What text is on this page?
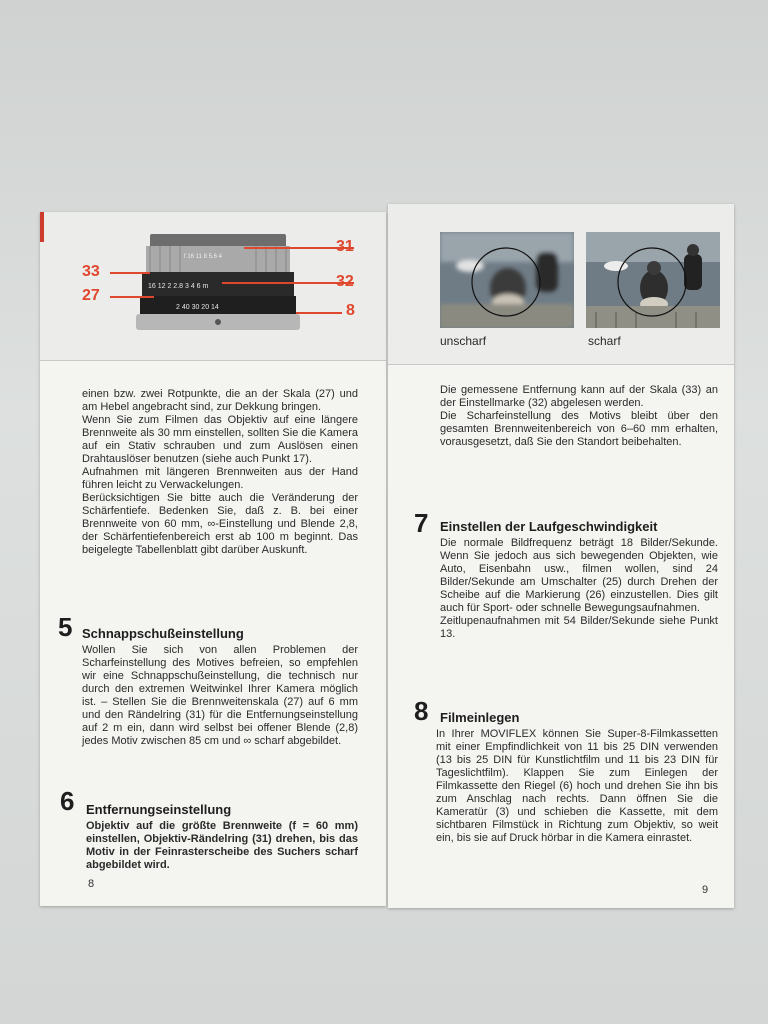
f 16 11 8 5.6 4
16 12 2 2.8 3 4 6 m
2 40 30 20 14
31
33
32
27
8

einen bzw. zwei Rotpunkte, die an der Skala (27) und am Hebel angebracht sind, zur Dekkung bringen.
Wenn Sie zum Filmen das Objektiv auf eine längere Brennweite als 30 mm einstellen, sollten Sie die Kamera auf ein Stativ schrauben und zum Auslösen einen Drahtauslöser benutzen (siehe auch Punkt 17).
Aufnahmen mit längeren Brennweiten aus der Hand führen leicht zu Verwackelungen.
Berücksichtigen Sie bitte auch die Veränderung der Schärfentiefe. Bedenken Sie, daß z. B. bei einer Brennweite von 60 mm, ∞-Einstellung und Blende 2,8, der Schärfentiefenbereich erst ab 100 m beginnt. Das beigelegte Tabellenblatt gibt darüber Auskunft.

5 Schnappschußeinstellung

Wollen Sie sich von allen Problemen der Scharfeinstellung des Motives befreien, so empfehlen wir eine Schnappschußeinstellung, die technisch nur durch den extremen Weitwinkel Ihrer Kamera möglich ist. – Stellen Sie die Brennweitenskala (27) auf 6 mm und den Rändelring (31) für die Entfernungseinstellung auf 2 m ein, dann wird selbst bei offener Blende (2,8) jedes Motiv zwischen 85 cm und ∞ scharf abgebildet.

6 Entfernungseinstellung

Objektiv auf die größte Brennweite (f = 60 mm) einstellen, Objektiv-Rändelring (31) drehen, bis das Motiv in der Feinrasterscheibe des Suchers scharf abgebildet wird.

8
unscharf	scharf

Die gemessene Entfernung kann auf der Skala (33) an der Einstellmarke (32) abgelesen werden.
Die Scharfeinstellung des Motivs bleibt über den gesamten Brennweitenbereich von 6–60 mm erhalten, vorausgesetzt, daß Sie den Standort beibehalten.

7 Einstellen der Laufgeschwindigkeit

Die normale Bildfrequenz beträgt 18 Bilder/Sekunde. Wenn Sie jedoch aus sich bewegenden Objekten, wie Auto, Eisenbahn usw., filmen wollen, sind 24 Bilder/Sekunde am Umschalter (25) durch Drehen der Scheibe auf die Markierung (26) einzustellen. Dies gilt auch für Sport- oder schnelle Bewegungsaufnahmen.
Zeitlupenaufnahmen mit 54 Bilder/Sekunde siehe Punkt 13.

8 Filmeinlegen

In Ihrer MOVIFLEX können Sie Super-8-Filmkassetten mit einer Empfindlichkeit von 11 bis 25 DIN verwenden (13 bis 25 DIN für Kunstlichtfilm und 11 bis 23 DIN für Tageslichtfilm). Klappen Sie zum Einlegen der Filmkassette den Riegel (6) hoch und drehen Sie ihn bis zum Anschlag nach rechts. Dann öffnen Sie die Kameratür (3) und schieben die Kassette, mit dem sichtbaren Filmstück in Richtung zum Objektiv, so weit ein, bis sie auf Druck hörbar in die Kamera einrastet.

9
